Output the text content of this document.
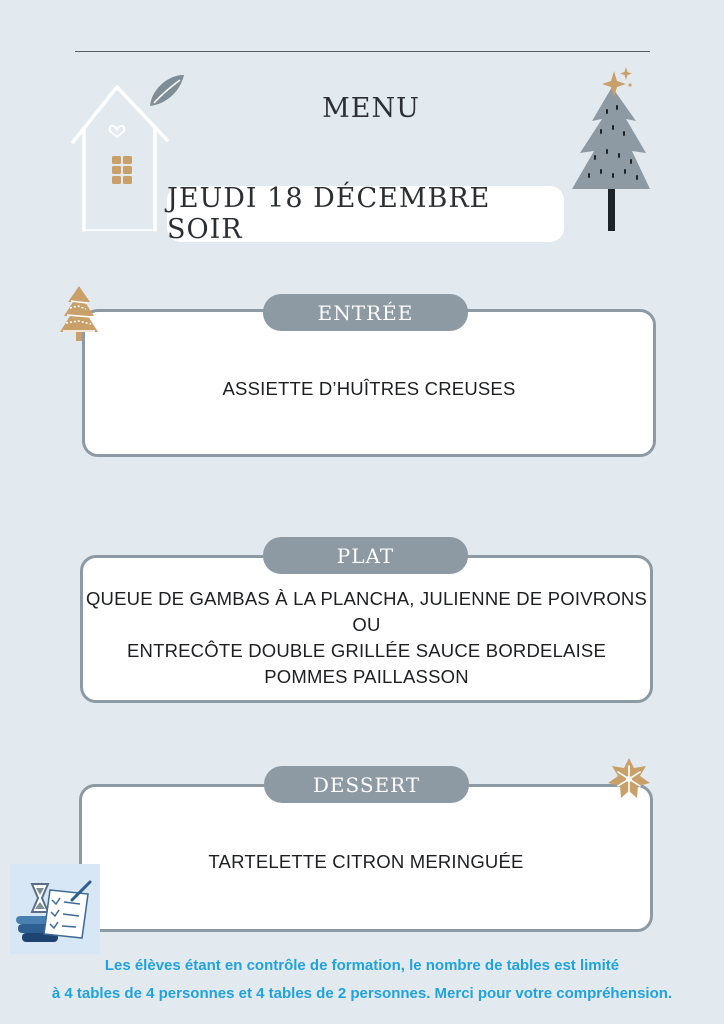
MENU
JEUDI 18 DÉCEMBRE SOIR
ASSIETTE D’HUÎTRES CREUSES
ENTRÉE
QUEUE DE GAMBAS À LA PLANCHA, JULIENNE DE POIVRONS
OU
ENTRECÔTE DOUBLE GRILLÉE SAUCE BORDELAISE
POMMES PAILLASSON
PLAT
TARTELETTE CITRON MERINGUÉE
DESSERT
Les élèves étant en contrôle de formation, le nombre de tables est limité
à 4 tables de 4 personnes et 4 tables de 2 personnes. Merci pour votre compréhension.
